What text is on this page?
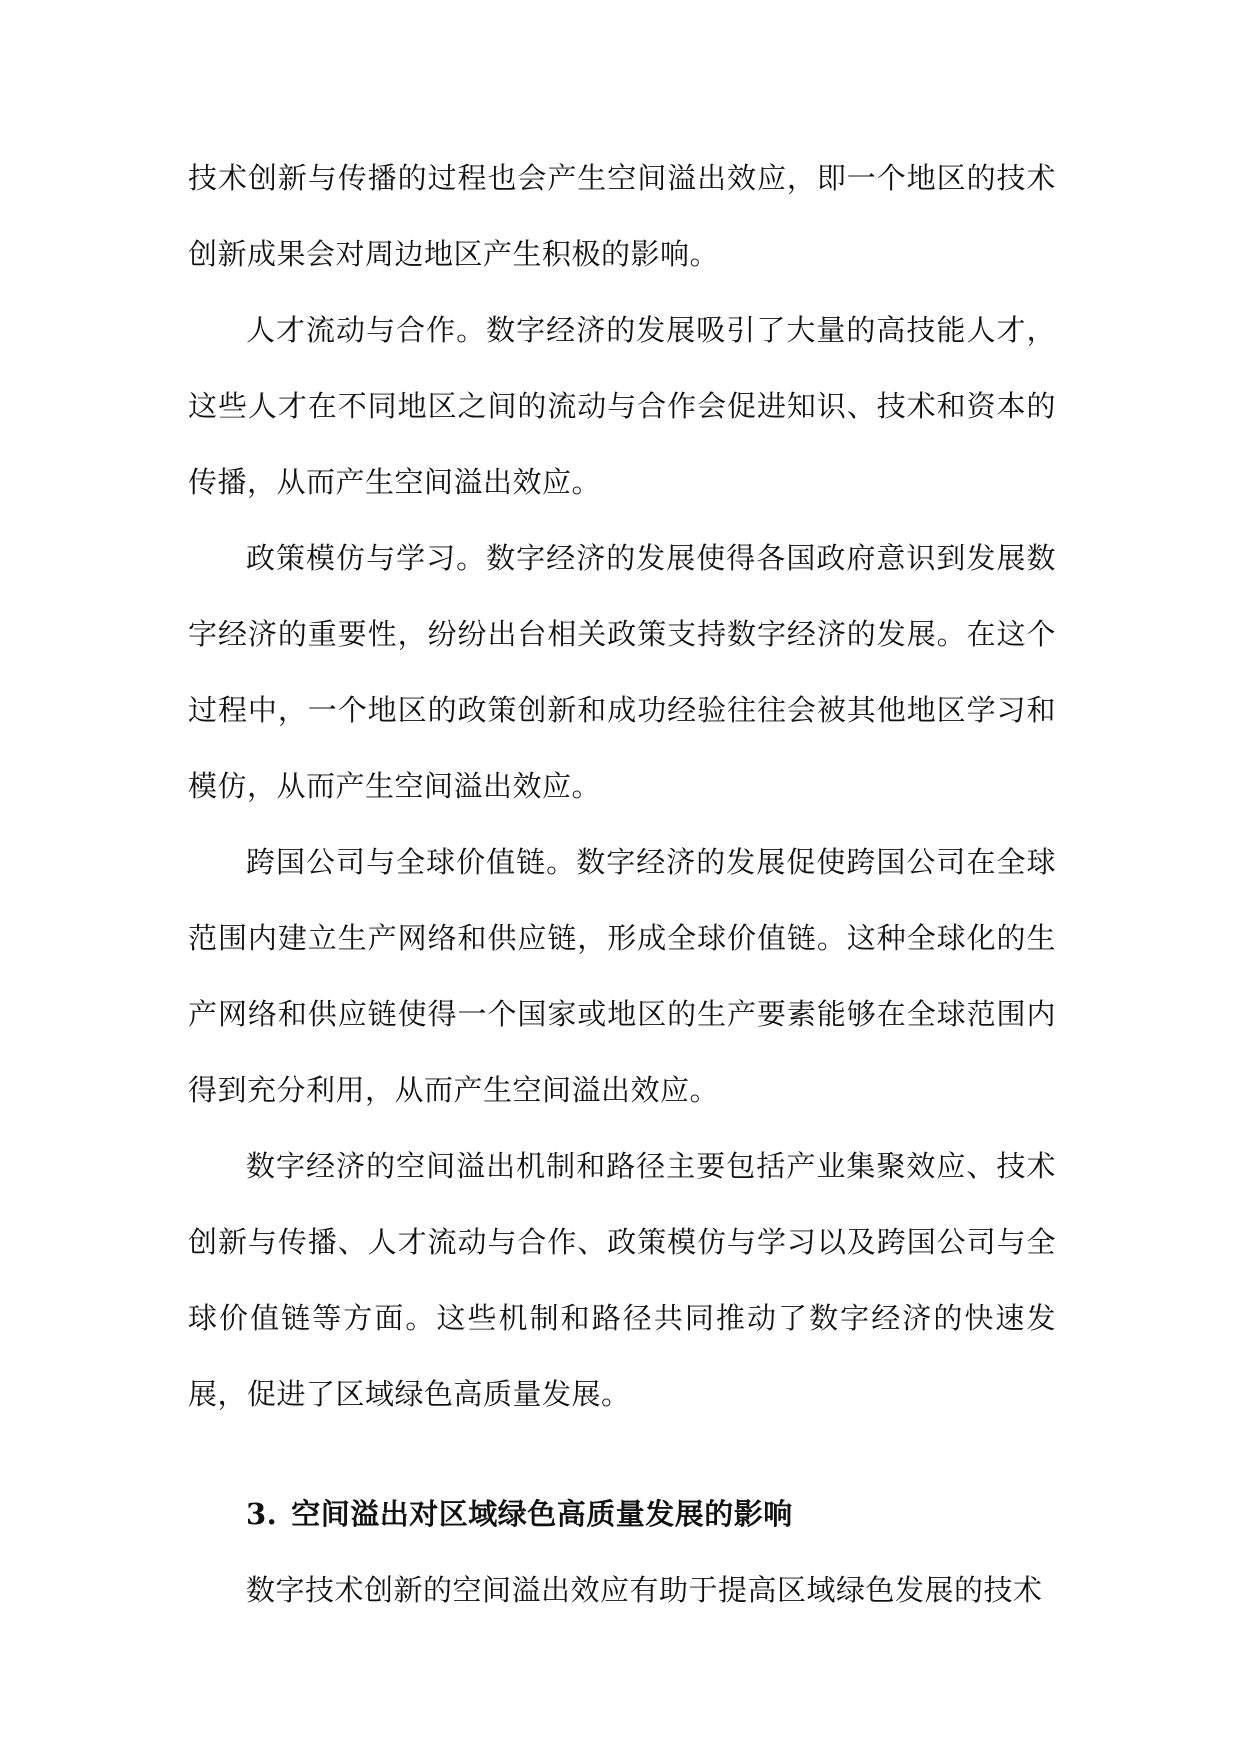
技术创新与传播的过程也会产生空间溢出效应，即一个地区的技术创新成果会对周边地区产生积极的影响。

人才流动与合作。数字经济的发展吸引了大量的高技能人才，这些人才在不同地区之间的流动与合作会促进知识、技术和资本的传播，从而产生空间溢出效应。

政策模仿与学习。数字经济的发展使得各国政府意识到发展数字经济的重要性，纷纷出台相关政策支持数字经济的发展。在这个过程中，一个地区的政策创新和成功经验往往会被其他地区学习和模仿，从而产生空间溢出效应。

跨国公司与全球价值链。数字经济的发展促使跨国公司在全球范围内建立生产网络和供应链，形成全球价值链。这种全球化的生产网络和供应链使得一个国家或地区的生产要素能够在全球范围内得到充分利用，从而产生空间溢出效应。

数字经济的空间溢出机制和路径主要包括产业集聚效应、技术创新与传播、人才流动与合作、政策模仿与学习以及跨国公司与全球价值链等方面。这些机制和路径共同推动了数字经济的快速发展，促进了区域绿色高质量发展。

3. 空间溢出对区域绿色高质量发展的影响

数字技术创新的空间溢出效应有助于提高区域绿色发展的技术
